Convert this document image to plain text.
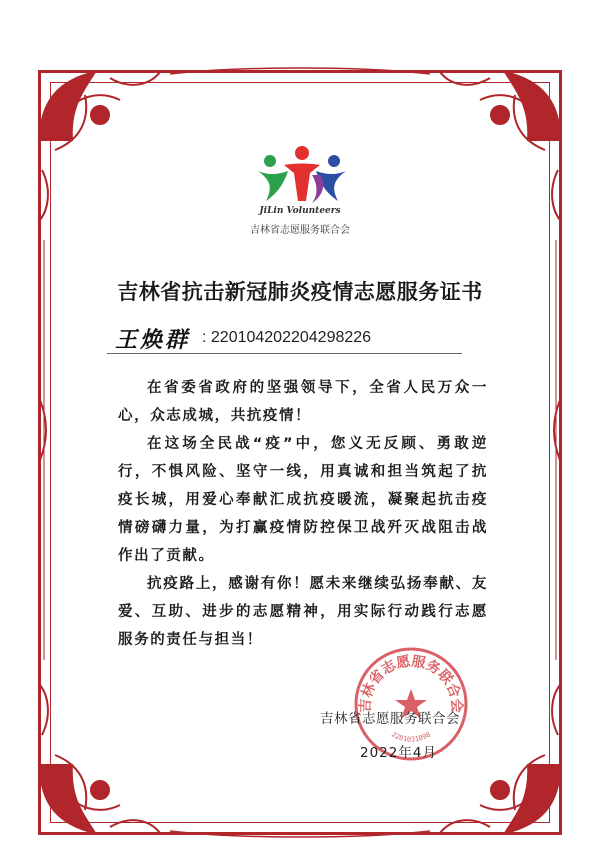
JiLin Volunteers
吉林省志愿服务联合会
吉林省抗击新冠肺炎疫情志愿服务证书
王焕群 : 220104202204298226

在省委省政府的坚强领导下，全省人民万众一心，众志成城，共抗疫情！

在这场全民战“疫”中，您义无反顾、勇敢逆行，不惧风险、坚守一线，用真诚和担当筑起了抗疫长城，用爱心奉献汇成抗疫暖流，凝聚起抗击疫情磅礴力量，为打赢疫情防控保卫战歼灭战阻击战作出了贡献。

抗疫路上，感谢有你！愿未来继续弘扬奉献、友爱、互助、进步的志愿精神，用实际行动践行志愿服务的责任与担当！

吉林省志愿服务联合会
2201031098
吉林省志愿服务联合会
2022年4月
